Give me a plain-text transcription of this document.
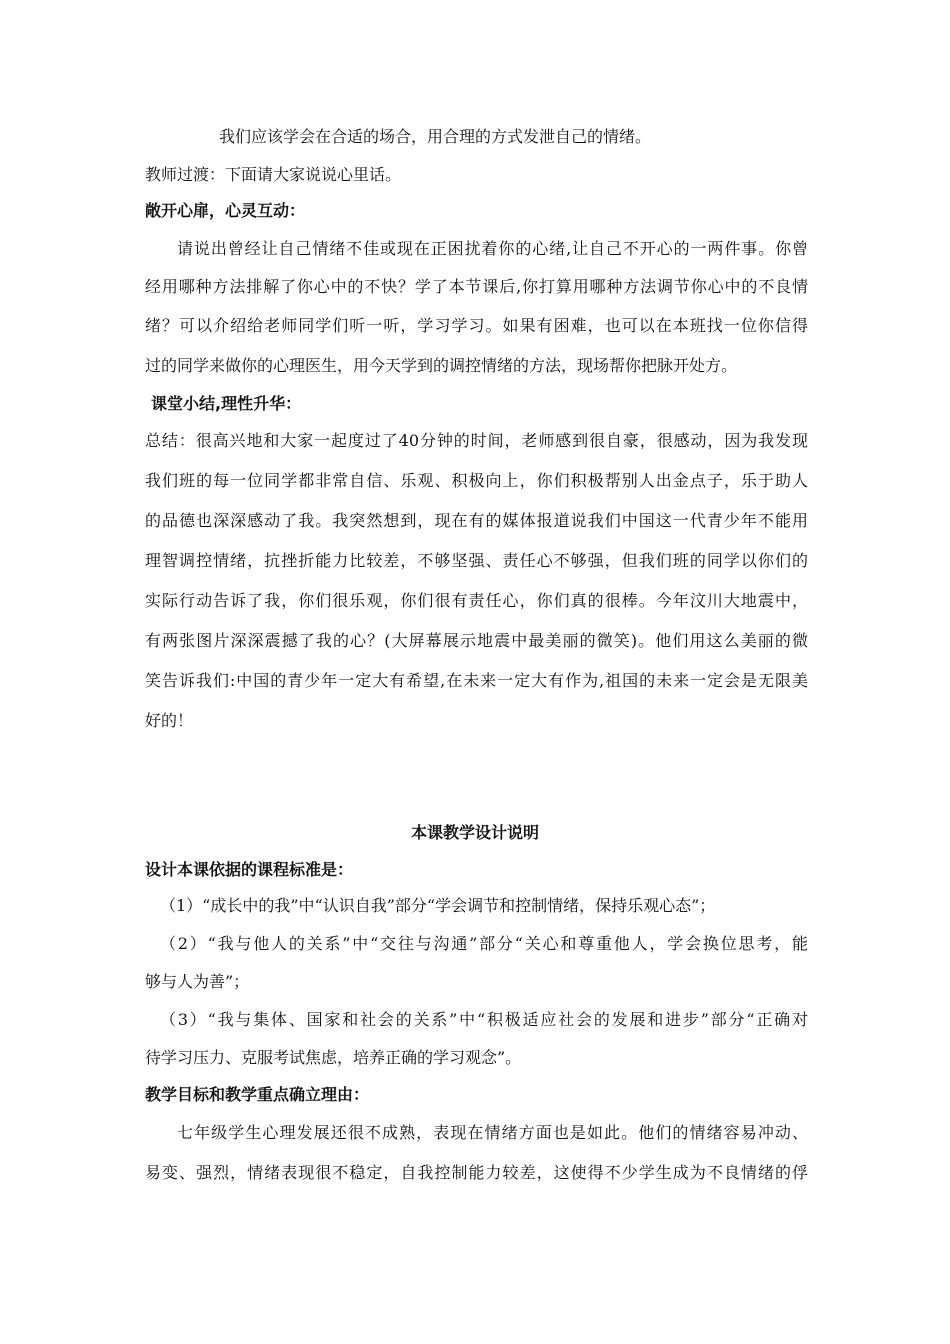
我们应该学会在合适的场合，用合理的方式发泄自己的情绪。

教师过渡：下面请大家说说心里话。

敞开心扉，心灵互动：

请说出曾经让自己情绪不佳或现在正困扰着你的心绪,让自己不开心的一两件事。你曾

经用哪种方法排解了你心中的不快？学了本节课后,你打算用哪种方法调节你心中的不良情

绪？可以介绍给老师同学们听一听，学习学习。如果有困难，也可以在本班找一位你信得

过的同学来做你的心理医生，用今天学到的调控情绪的方法，现场帮你把脉开处方。

课堂小结,理性升华：

总结：很高兴地和大家一起度过了40分钟的时间，老师感到很自豪，很感动，因为我发现

我们班的每一位同学都非常自信、乐观、积极向上，你们积极帮别人出金点子，乐于助人

的品德也深深感动了我。我突然想到，现在有的媒体报道说我们中国这一代青少年不能用

理智调控情绪，抗挫折能力比较差，不够坚强、责任心不够强，但我们班的同学以你们的

实际行动告诉了我，你们很乐观，你们很有责任心，你们真的很棒。今年汶川大地震中，

有两张图片深深震撼了我的心？(大屏幕展示地震中最美丽的微笑)。他们用这么美丽的微

笑告诉我们:中国的青少年一定大有希望,在未来一定大有作为,祖国的未来一定会是无限美

好的！

本课教学设计说明

设计本课依据的课程标准是：

（1）“成长中的我”中“认识自我”部分“学会调节和控制情绪，保持乐观心态”；

（2）“我与他人的关系”中“交往与沟通”部分“关心和尊重他人，学会换位思考，能

够与人为善”；

（3）“我与集体、国家和社会的关系”中“积极适应社会的发展和进步”部分“正确对

待学习压力、克服考试焦虑，培养正确的学习观念”。

教学目标和教学重点确立理由：

七年级学生心理发展还很不成熟，表现在情绪方面也是如此。他们的情绪容易冲动、

易变、强烈，情绪表现很不稳定，自我控制能力较差，这使得不少学生成为不良情绪的俘
